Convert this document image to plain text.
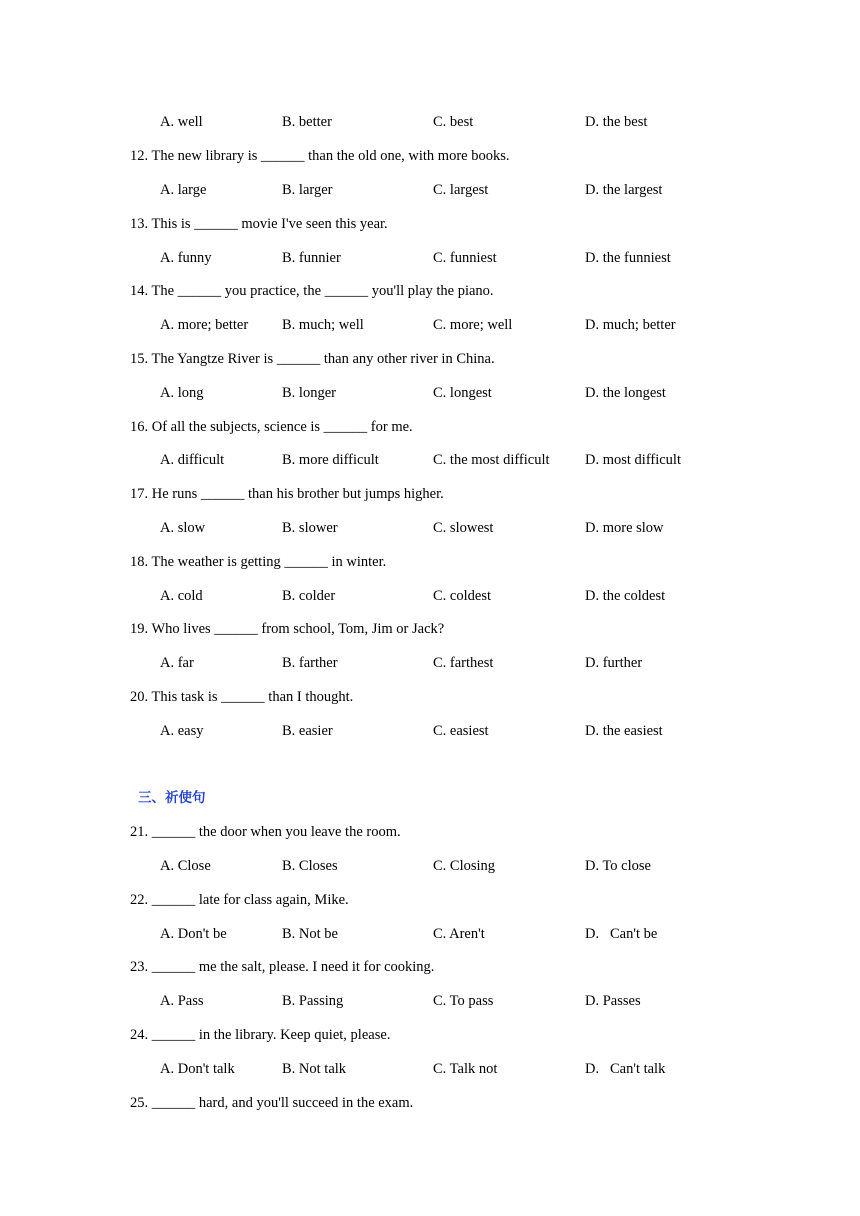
A. well	B. better	C. best	D. the best
12. The new library is ______ than the old one, with more books.
A. large	B. larger	C. largest	D. the largest
13. This is ______ movie I've seen this year.
A. funny	B. funnier	C. funniest	D. the funniest
14. The ______ you practice, the ______ you'll play the piano.
A. more; better B. much; well	C. more; well	D. much; better
15. The Yangtze River is ______ than any other river in China.
A. long	B. longer	C. longest	D. the longest
16. Of all the subjects, science is ______ for me.
A. difficult	B. more difficult	C. the most difficult D. most difficult
17. He runs ______ than his brother but jumps higher.
A. slow	B. slower	C. slowest	D. more slow
18. The weather is getting ______ in winter.
A. cold	B. colder	C. coldest	D. the coldest
19. Who lives ______ from school, Tom, Jim or Jack?
A. far	B. farther	C. farthest	D. further
20. This task is ______ than I thought.
A. easy	B. easier	C. easiest	D. the easiest
三、祈使句
21. ______ the door when you leave the room.
A. Close	B. Closes	C. Closing	D. To close
22. ______ late for class again, Mike.
A. Don't be	B. Not be	C. Aren't	D.   Can't be
23. ______ me the salt, please. I need it for cooking.
A. Pass	B. Passing	C. To pass	D. Passes
24. ______ in the library. Keep quiet, please.
A. Don't talk	B. Not talk	C. Talk not	D.   Can't talk
25. ______ hard, and you'll succeed in the exam.
